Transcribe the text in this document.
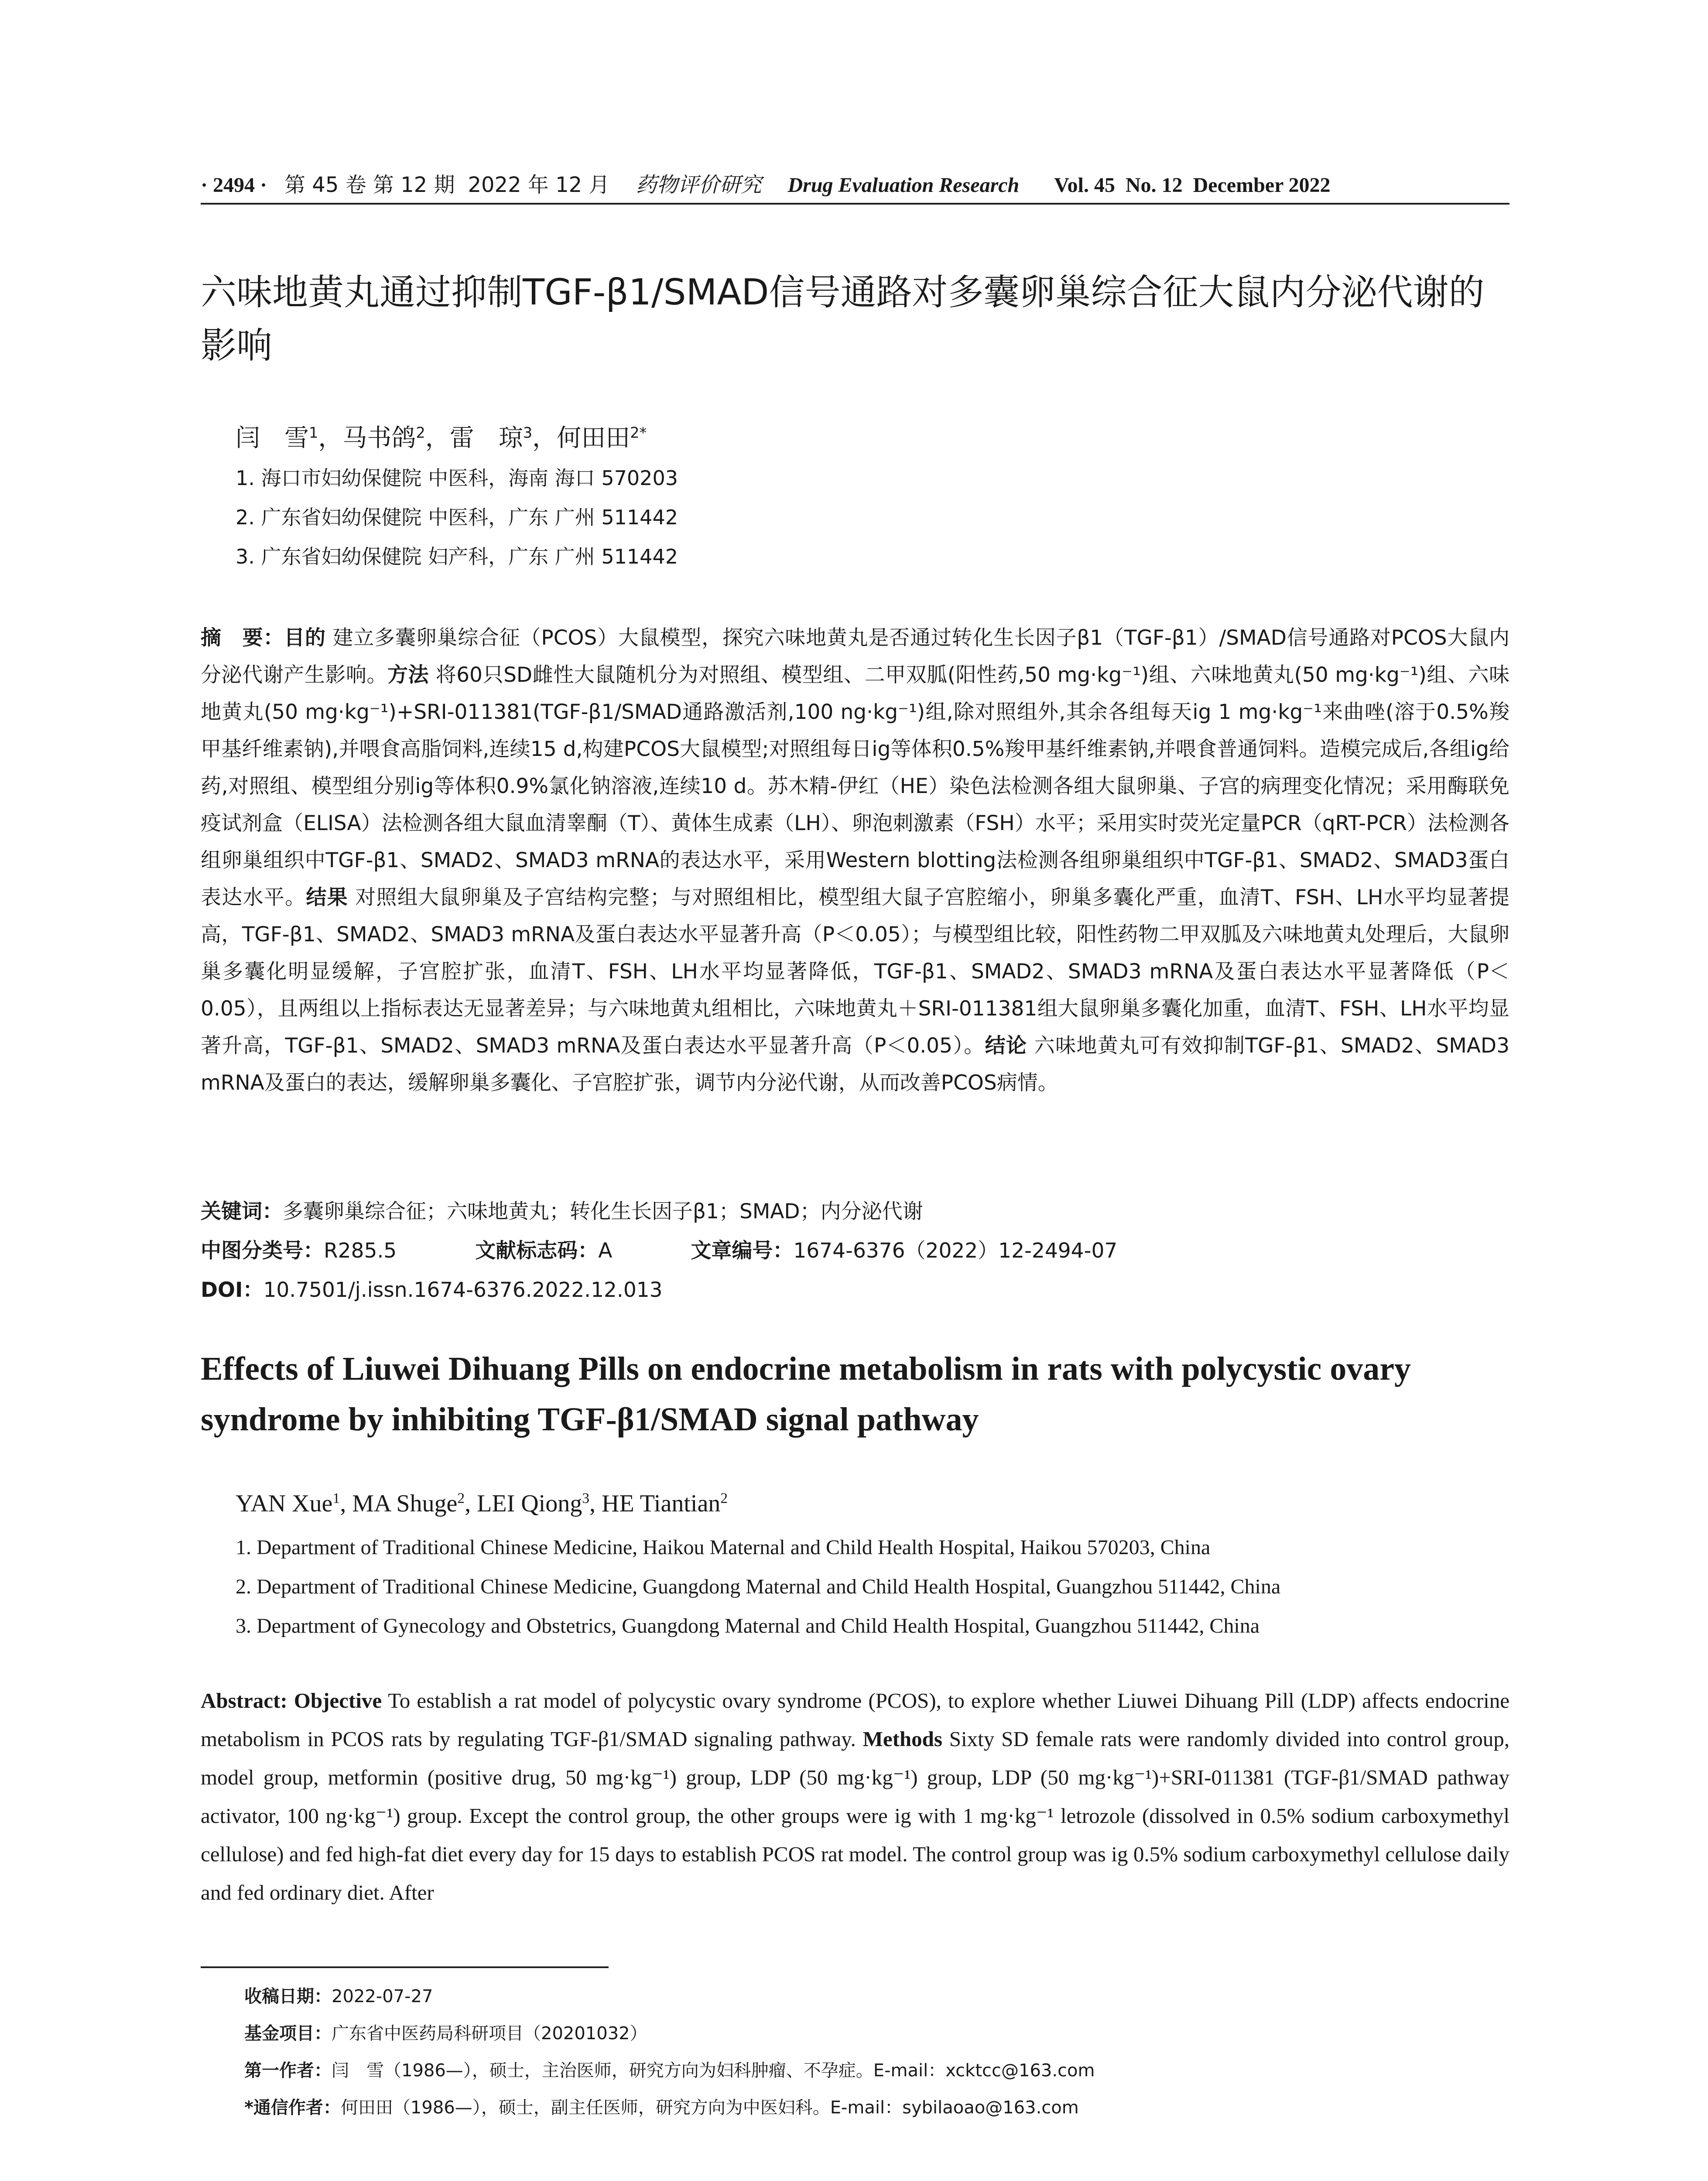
· 2494 · 第 45 卷 第 12 期 2022 年 12 月 药物评价研究 Drug Evaluation Research Vol. 45  No. 12  December 2022
六味地黄丸通过抑制TGF-β1/SMAD信号通路对多囊卵巢综合征大鼠内分泌代谢的影响
闫　雪$^1$，马书鸽$^2$，雷　琼$^3$，何田田$^{2*}$
1. 海口市妇幼保健院 中医科，海南 海口 570203
2. 广东省妇幼保健院 中医科，广东 广州 511442
3. 广东省妇幼保健院 妇产科，广东 广州 511442
摘　要：目的 建立多囊卵巢综合征（PCOS）大鼠模型，探究六味地黄丸是否通过转化生长因子β1（TGF-β1）/SMAD信号通路对PCOS大鼠内分泌代谢产生影响。方法 将60只SD雌性大鼠随机分为对照组、模型组、二甲双胍(阳性药,50 mg·kg⁻¹)组、六味地黄丸(50 mg·kg⁻¹)组、六味地黄丸(50 mg·kg⁻¹)+SRI-011381(TGF-β1/SMAD通路激活剂,100 ng·kg⁻¹)组,除对照组外,其余各组每天ig 1 mg·kg⁻¹来曲唑(溶于0.5%羧甲基纤维素钠),并喂食高脂饲料,连续15 d,构建PCOS大鼠模型;对照组每日ig等体积0.5%羧甲基纤维素钠,并喂食普通饲料。造模完成后,各组ig给药,对照组、模型组分别ig等体积0.9%氯化钠溶液,连续10 d。苏木精-伊红（HE）染色法检测各组大鼠卵巢、子宫的病理变化情况；采用酶联免疫试剂盒（ELISA）法检测各组大鼠血清睾酮（T）、黄体生成素（LH）、卵泡刺激素（FSH）水平；采用实时荧光定量PCR（qRT-PCR）法检测各组卵巢组织中TGF-β1、SMAD2、SMAD3 mRNA的表达水平，采用Western blotting法检测各组卵巢组织中TGF-β1、SMAD2、SMAD3蛋白表达水平。结果 对照组大鼠卵巢及子宫结构完整；与对照组相比，模型组大鼠子宫腔缩小，卵巢多囊化严重，血清T、FSH、LH水平均显著提高，TGF-β1、SMAD2、SMAD3 mRNA及蛋白表达水平显著升高（P＜0.05）；与模型组比较，阳性药物二甲双胍及六味地黄丸处理后，大鼠卵巢多囊化明显缓解，子宫腔扩张，血清T、FSH、LH水平均显著降低，TGF-β1、SMAD2、SMAD3 mRNA及蛋白表达水平显著降低（P＜0.05），且两组以上指标表达无显著差异；与六味地黄丸组相比，六味地黄丸＋SRI-011381组大鼠卵巢多囊化加重，血清T、FSH、LH水平均显著升高，TGF-β1、SMAD2、SMAD3 mRNA及蛋白表达水平显著升高（P＜0.05）。结论 六味地黄丸可有效抑制TGF-β1、SMAD2、SMAD3 mRNA及蛋白的表达，缓解卵巢多囊化、子宫腔扩张，调节内分泌代谢，从而改善PCOS病情。
关键词：多囊卵巢综合征；六味地黄丸；转化生长因子β1；SMAD；内分泌代谢
中图分类号：R285.5	文献标志码：A	文章编号：1674-6376（2022）12-2494-07
DOI：10.7501/j.issn.1674-6376.2022.12.013
Effects of Liuwei Dihuang Pills on endocrine metabolism in rats with polycystic ovary syndrome by inhibiting TGF-β1/SMAD signal pathway
YAN Xue$^1$, MA Shuge$^2$, LEI Qiong$^3$, HE Tiantian$^2$
1. Department of Traditional Chinese Medicine, Haikou Maternal and Child Health Hospital, Haikou 570203, China
2. Department of Traditional Chinese Medicine, Guangdong Maternal and Child Health Hospital, Guangzhou 511442, China
3. Department of Gynecology and Obstetrics, Guangdong Maternal and Child Health Hospital, Guangzhou 511442, China
Abstract: Objective To establish a rat model of polycystic ovary syndrome (PCOS), to explore whether Liuwei Dihuang Pill (LDP) affects endocrine metabolism in PCOS rats by regulating TGF-β1/SMAD signaling pathway. Methods Sixty SD female rats were randomly divided into control group, model group, metformin (positive drug, 50 mg·kg⁻¹) group, LDP (50 mg·kg⁻¹) group, LDP (50 mg·kg⁻¹)+SRI-011381 (TGF-β1/SMAD pathway activator, 100 ng·kg⁻¹) group. Except the control group, the other groups were ig with 1 mg·kg⁻¹ letrozole (dissolved in 0.5% sodium carboxymethyl cellulose) and fed high-fat diet every day for 15 days to establish PCOS rat model. The control group was ig 0.5% sodium carboxymethyl cellulose daily and fed ordinary diet. After
收稿日期：2022-07-27
基金项目：广东省中医药局科研项目（20201032）
第一作者：闫　雪（1986—），硕士，主治医师，研究方向为妇科肿瘤、不孕症。E-mail：xcktcc@163.com
*通信作者：何田田（1986—），硕士，副主任医师，研究方向为中医妇科。E-mail：sybilaoao@163.com
